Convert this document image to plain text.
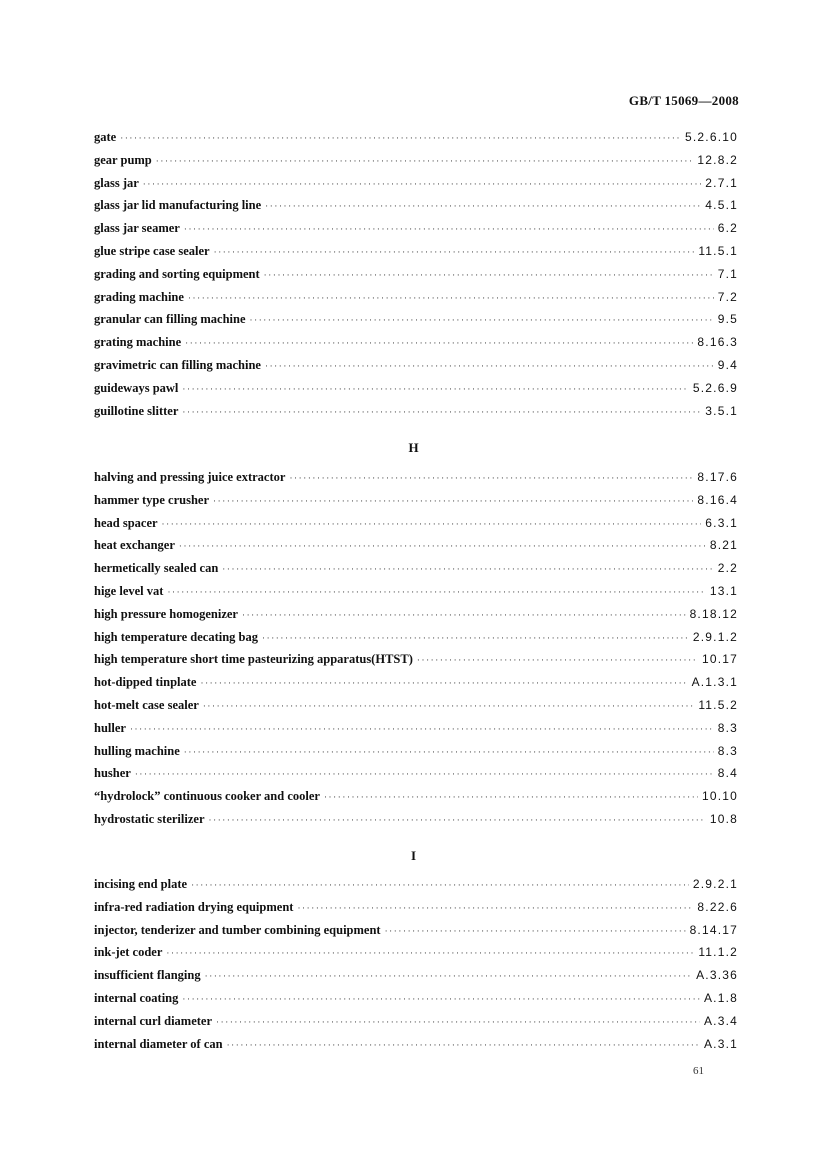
GB/T 15069—2008
gate ·····	5.2.6.10
gear pump ·····	12.8.2
glass jar ·····	2.7.1
glass jar lid manufacturing line ·····	4.5.1
glass jar seamer ·····	6.2
glue stripe case sealer ·····	11.5.1
grading and sorting equipment ·····	7.1
grading machine ·····	7.2
granular can filling machine ·····	9.5
grating machine ·····	8.16.3
gravimetric can filling machine ·····	9.4
guideways pawl ·····	5.2.6.9
guillotine slitter ·····	3.5.1
H
halving and pressing juice extractor ·····	8.17.6
hammer type crusher ·····	8.16.4
head spacer ·····	6.3.1
heat exchanger ·····	8.21
hermetically sealed can ·····	2.2
hige level vat ·····	13.1
high pressure homogenizer ·····	8.18.12
high temperature decating bag ·····	2.9.1.2
high temperature short time pasteurizing apparatus(HTST) ·····	10.17
hot-dipped tinplate ·····	A.1.3.1
hot-melt case sealer ·····	11.5.2
huller ·····	8.3
hulling machine ·····	8.3
husher ·····	8.4
“hydrolock” continuous cooker and cooler ·····	10.10
hydrostatic sterilizer ·····	10.8
I
incising end plate ·····	2.9.2.1
infra-red radiation drying equipment ·····	8.22.6
injector, tenderizer and tumber combining equipment ·····	8.14.17
ink-jet coder ·····	11.1.2
insufficient flanging ·····	A.3.36
internal coating ·····	A.1.8
internal curl diameter ·····	A.3.4
internal diameter of can ·····	A.3.1
61
